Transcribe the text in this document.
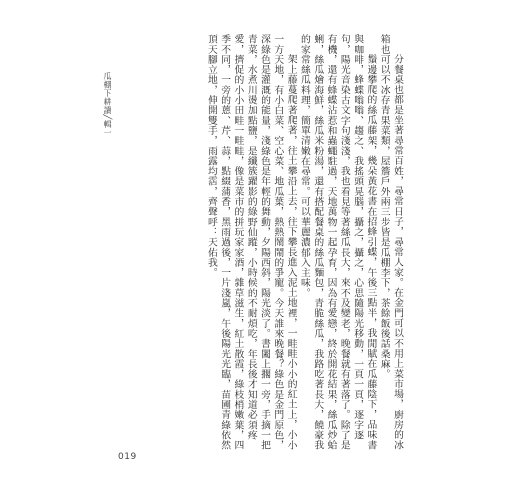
瓜棚下耕讀╱輯一	分餐桌也都是坐著尋常百姓，尋常日子，尋常人家。在金門可以不用上菜市場，廚房的冰箱也可以不冰存青果菜類，屋簷戶外兩三步皆是瓜棚李下，茶餘飯後話桑麻。

鬚邊攀爬的絲瓜藤架，幾朵黃花書在招蜂引蝶，午後三點半，我閒賦在瓜藤陰下，品味書與咖啡，蜂蝶嗡嗡、趨之、我搖頭晃腦，攝之，攝之，心思隨陽光移動，一頁一頁，逐字逐句，陽光音染古文字句淺淺，我也看見等著絲瓜長大，來不及變老，晚餐就有著落了。除了是有機，還有蜂蝶沾惹和蟲蠅駐過，天地萬物一起孕育，因為有愛戀，終於開花結果，絲瓜炒蛤蜊，絲瓜燴海鮮，絲瓜米粉湯，還有搭配餐桌的絲瓜麵包，青脆絲瓜，我路吃著長大，饒豪我的家常絲瓜料理，簡單清嫩在尋常。可以華麗濃郁入主味。

架上藤蔓爬著爬著，往土攀沿上去，往下攀長進入泥土地裡，一畦畦小小的紅土上，小小一方天地，有小白菜、空心菜、地瓜葉，熱熱鬧鬧的爭寵。今天誰來晚餐？綠色是金門原色，深綠色是灌溉的能量，淺綠色是年輕的舞動，夕陽西斜，陽光淡了。書闔上擱一旁，手摘一把青菜，水煮川燙加點鹽，是纖簇躍影的綠野仙蹤，小時候的不耐煩吃，年長後才知道必須疼愛，擠促的小小田畦一畦畦，像是菜市的拼玩家家酒，雜草滋生，紅土散霞，綠枝梢嫩葉，四季不同，一旁的蒽、芹、蒜，點綴蒲香，黑雨過後，一片淺嵐，午後陽光光臨，苗圃青綠依然頂天腳立地，伸開雙手，雨露均霑，齊聲呼：天佑我。

019
